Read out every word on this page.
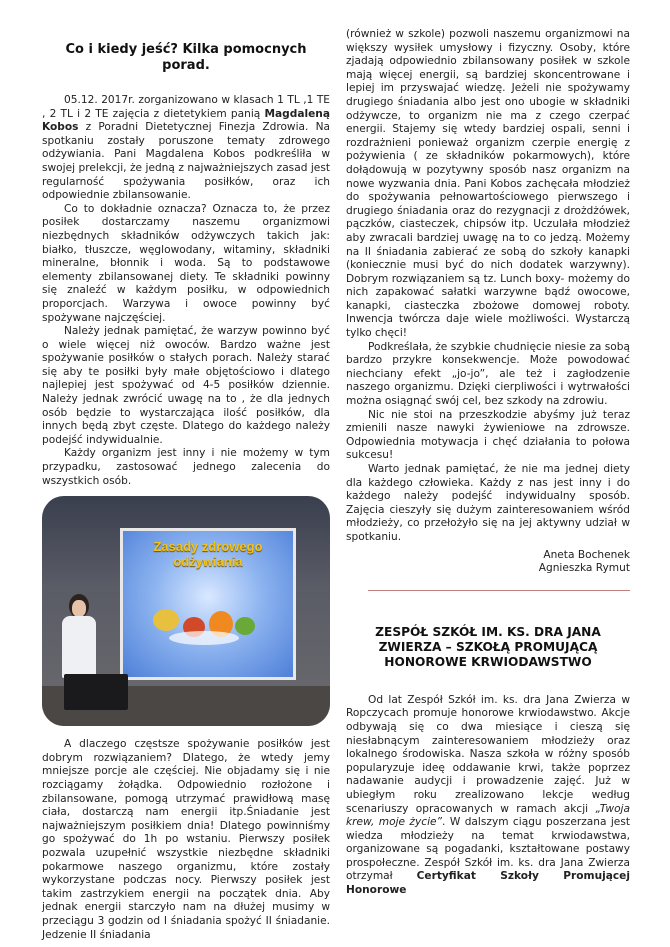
Co i kiedy jeść? Kilka pomocnych porad.

05.12. 2017r. zorganizowano w klasach 1 TL ,1 TE , 2 TL i 2 TE zajęcia z dietetykiem panią Magdaleną Kobos z Poradni Dietetycznej Finezja Zdrowia. Na spotkaniu zostały poruszone tematy zdrowego odżywiania. Pani Magdalena Kobos podkreśliła w swojej prelekcji, że jedną z najważniejszych zasad jest regularność spożywania posiłków, oraz ich odpowiednie zbilansowanie.

Co to dokładnie oznacza? Oznacza to, że przez posiłek dostarczamy naszemu organizmowi niezbędnych składników odżywczych takich jak: białko, tłuszcze, węglowodany, witaminy, składniki mineralne, błonnik i woda. Są to podstawowe elementy zbilansowanej diety. Te składniki powinny się znaleźć w każdym posiłku, w odpowiednich proporcjach. Warzywa i owoce powinny być spożywane najczęściej.

Należy jednak pamiętać, że warzyw powinno być o wiele więcej niż owoców. Bardzo ważne jest spożywanie posiłków o stałych porach. Należy starać się aby te posiłki były małe objętościowo i dlatego najlepiej jest spożywać od 4-5 posiłków dziennie. Należy jednak zwrócić uwagę na to , że dla jednych osób będzie to wystarczająca ilość posiłków, dla innych będą zbyt częste. Dlatego do każdego należy podejść indywidualnie.

Każdy organizm jest inny i nie możemy w tym przypadku, zastosować jednego zalecenia do wszystkich osób.

Zasady zdrowego odżywiania

A dlaczego częstsze spożywanie posiłków jest dobrym rozwiązaniem? Dlatego, że wtedy jemy mniejsze porcje ale częściej. Nie objadamy się i nie rozciągamy żołądka. Odpowiednio rozłożone i zbilansowane, pomogą utrzymać prawidłową masę ciała, dostarczą nam energii itp.Śniadanie jest najważniejszym posiłkiem dnia! Dlatego powinniśmy go spożywać do 1h po wstaniu. Pierwszy posiłek pozwala uzupełnić wszystkie niezbędne składniki pokarmowe naszego organizmu, które zostały wykorzystane podczas nocy. Pierwszy posiłek jest takim zastrzykiem energii na początek dnia. Aby jednak energii starczyło nam na dłużej musimy w przeciągu 3 godzin od I śniadania spożyć II śniadanie. Jedzenie II śniadania

(również w szkole) pozwoli naszemu organizmowi na większy wysiłek umysłowy i fizyczny. Osoby, które zjadają odpowiednio zbilansowany posiłek w szkole mają więcej energii, są bardziej skoncentrowane i lepiej im przyswajać wiedzę. Jeżeli nie spożywamy drugiego śniadania albo jest ono ubogie w składniki odżywcze, to organizm nie ma z czego czerpać energii. Stajemy się wtedy bardziej ospali, senni i rozdrażnieni ponieważ organizm czerpie energię z pożywienia ( ze składników pokarmowych), które dołądowują w pozytywny sposób nasz organizm na nowe wyzwania dnia. Pani Kobos zachęcała młodzież do spożywania pełnowartościowego pierwszego i drugiego śniadania oraz do rezygnacji z drożdżówek, pączków, ciasteczek, chipsów itp. Uczulała młodzież aby zwracali bardziej uwagę na to co jedzą. Możemy na II śniadania zabierać ze sobą do szkoły kanapki (koniecznie musi być do nich dodatek warzywny). Dobrym rozwiązaniem są tz. Lunch boxy- możemy do nich zapakować sałatki warzywne bądź owocowe, kanapki, ciasteczka zbożowe domowej roboty. Inwencja twórcza daje wiele możliwości. Wystarczą tylko chęci!

Podkreślała, że szybkie chudnięcie niesie za sobą bardzo przykre konsekwencje. Może powodować niechciany efekt „jo-jo”, ale też i zagłodzenie naszego organizmu. Dzięki cierpliwości i wytrwałości można osiągnąć swój cel, bez szkody na zdrowiu.

Nic nie stoi na przeszkodzie abyśmy już teraz zmienili nasze nawyki żywieniowe na zdrowsze. Odpowiednia motywacja i chęć działania to połowa sukcesu!

Warto jednak pamiętać, że nie ma jednej diety dla każdego człowieka. Każdy z nas jest inny i do każdego należy podejść indywidualny sposób. Zajęcia cieszyły się dużym zainteresowaniem wśród młodzieży, co przełożyło się na jej aktywny udział w spotkaniu.

Aneta Bochenek

Agnieszka Rymut

ZESPÓŁ SZKÓŁ IM. KS. DRA JANA ZWIERZA – SZKOŁĄ PROMUJĄCĄ HONOROWE KRWIODAWSTWO

Od lat Zespół Szkół im. ks. dra Jana Zwierza w Ropczycach promuje honorowe krwiodawstwo. Akcje odbywają się co dwa miesiące i cieszą się niesłabnącym zainteresowaniem młodzieży oraz lokalnego środowiska. Nasza szkoła w różny sposób popularyzuje ideę oddawanie krwi, także poprzez nadawanie audycji i prowadzenie zajęć. Już w ubiegłym roku zrealizowano lekcje według scenariuszy opracowanych w ramach akcji „Twoja krew, moje życie”. W dalszym ciągu poszerzana jest wiedza młodzieży na temat krwiodawstwa, organizowane są pogadanki, kształtowane postawy prospołeczne. Zespół Szkół im. ks. dra Jana Zwierza otrzymał Certyfikat Szkoły Promującej Honorowe
